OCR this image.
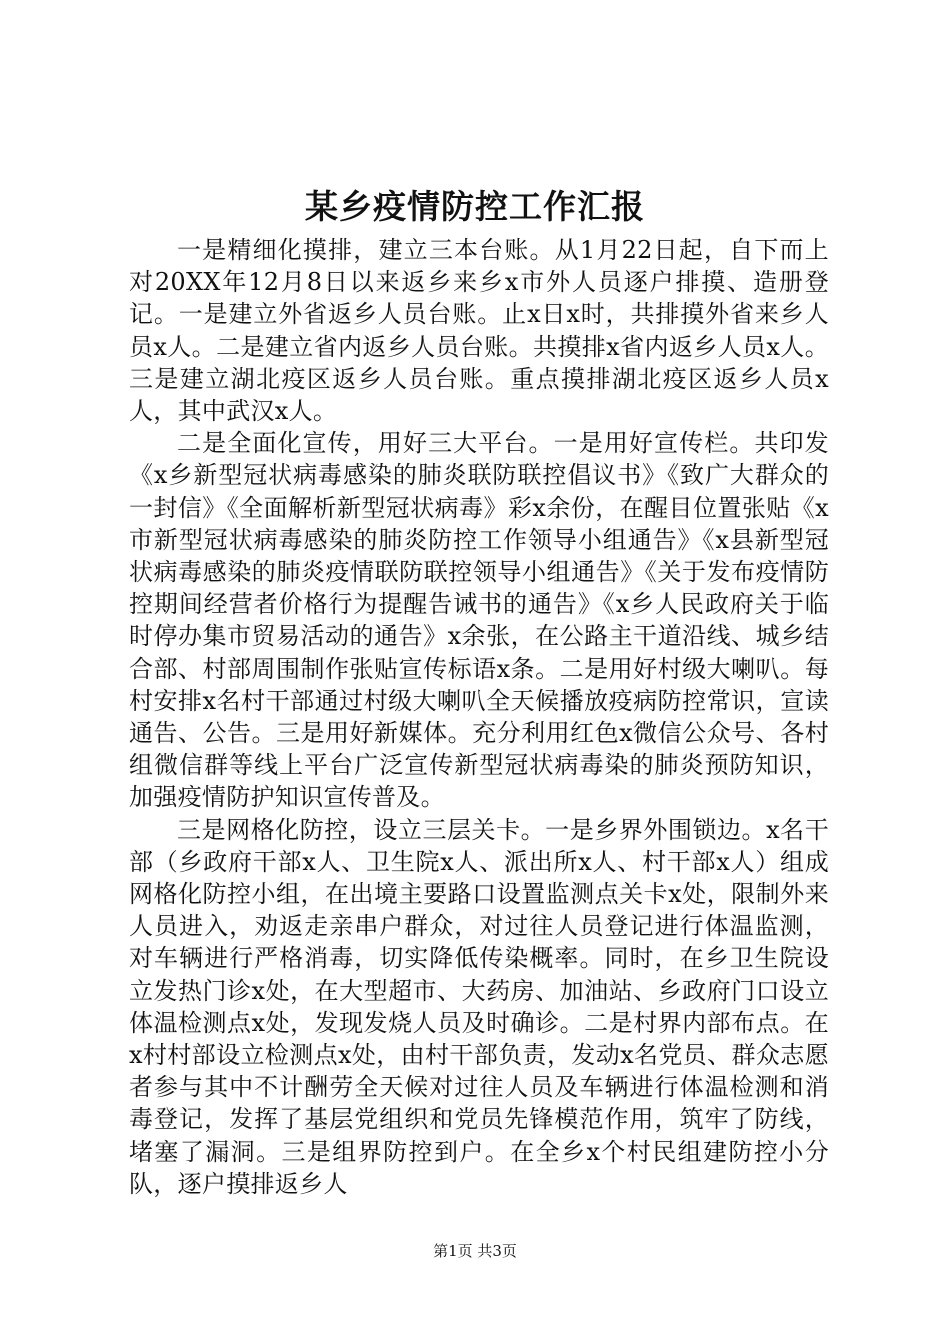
某乡疫情防控工作汇报

一是精细化摸排，建立三本台账。从1月22日起，自下而上对20XX年12月8日以来返乡来乡x市外人员逐户排摸、造册登记。一是建立外省返乡人员台账。止x日x时，共排摸外省来乡人员x人。二是建立省内返乡人员台账。共摸排x省内返乡人员x人。三是建立湖北疫区返乡人员台账。重点摸排湖北疫区返乡人员x人，其中武汉x人。

二是全面化宣传，用好三大平台。一是用好宣传栏。共印发《x乡新型冠状病毒感染的肺炎联防联控倡议书》《致广大群众的一封信》《全面解析新型冠状病毒》彩x余份，在醒目位置张贴《x市新型冠状病毒感染的肺炎防控工作领导小组通告》《x县新型冠状病毒感染的肺炎疫情联防联控领导小组通告》《关于发布疫情防控期间经营者价格行为提醒告诫书的通告》《x乡人民政府关于临时停办集市贸易活动的通告》x余张，在公路主干道沿线、城乡结合部、村部周围制作张贴宣传标语x条。二是用好村级大喇叭。每村安排x名村干部通过村级大喇叭全天候播放疫病防控常识，宣读通告、公告。三是用好新媒体。充分利用红色x微信公众号、各村组微信群等线上平台广泛宣传新型冠状病毒染的肺炎预防知识，加强疫情防护知识宣传普及。

三是网格化防控，设立三层关卡。一是乡界外围锁边。x名干部（乡政府干部x人、卫生院x人、派出所x人、村干部x人）组成网格化防控小组，在出境主要路口设置监测点关卡x处，限制外来人员进入，劝返走亲串户群众，对过往人员登记进行体温监测，对车辆进行严格消毒，切实降低传染概率。同时，在乡卫生院设立发热门诊x处，在大型超市、大药房、加油站、乡政府门口设立体温检测点x处，发现发烧人员及时确诊。二是村界内部布点。在x村村部设立检测点x处，由村干部负责，发动x名党员、群众志愿者参与其中不计酬劳全天候对过往人员及车辆进行体温检测和消毒登记，发挥了基层党组织和党员先锋模范作用，筑牢了防线，堵塞了漏洞。三是组界防控到户。在全乡x个村民组建防控小分队，逐户摸排返乡人

第1页 共3页
